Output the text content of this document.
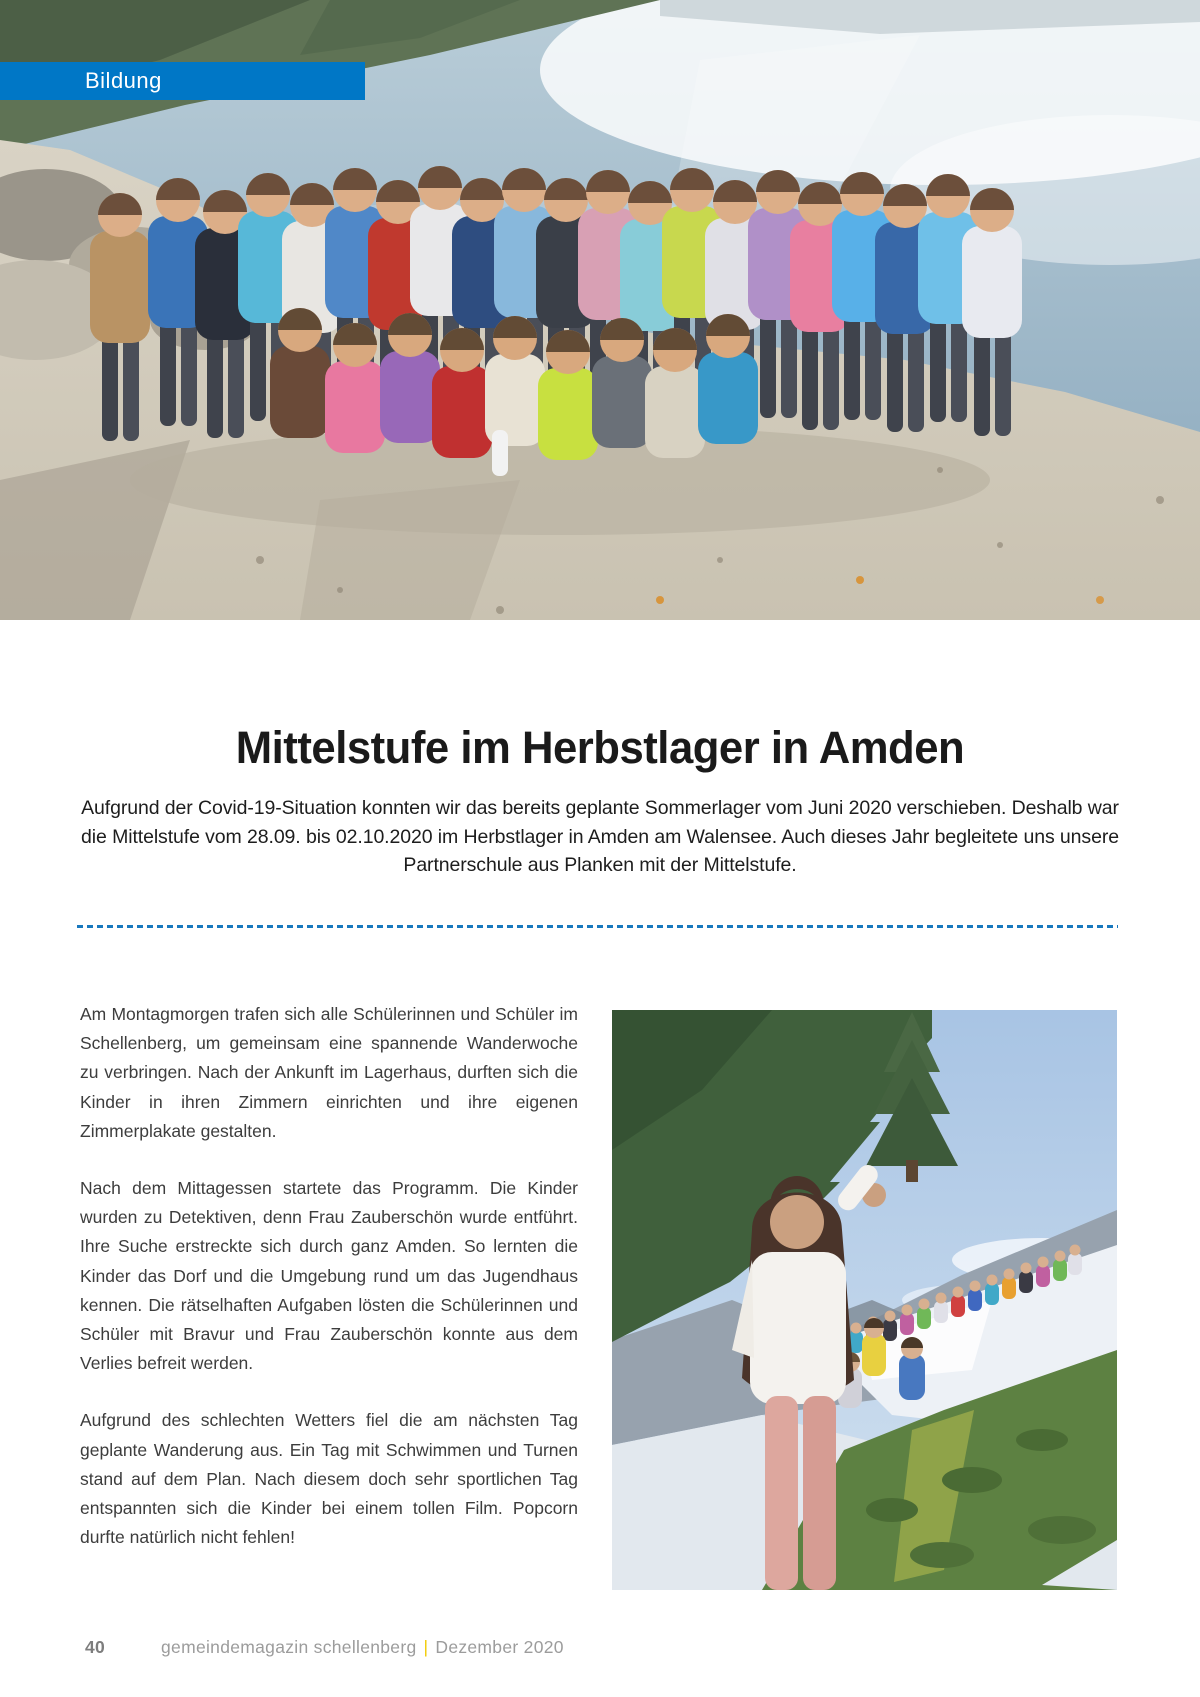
Bildung
Mittelstufe im Herbstlager in Amden

Aufgrund der Covid-19-Situation konnten wir das bereits geplante Sommerlager vom Juni 2020 verschieben. Deshalb war die Mittelstufe vom 28.09. bis 02.10.2020 im Herbstlager in Amden am Walensee. Auch dieses Jahr begleitete uns unsere Partnerschule aus Planken mit der Mittelstufe.

Am Montagmorgen trafen sich alle Schülerinnen und Schüler im Schellenberg, um gemeinsam eine spannende Wanderwoche zu verbringen. Nach der Ankunft im Lagerhaus, durften sich die Kinder in ihren Zimmern einrichten und ihre eigenen Zimmerplakate gestalten.

Nach dem Mittagessen startete das Programm. Die Kinder wurden zu Detektiven, denn Frau Zauberschön wurde entführt. Ihre Suche erstreckte sich durch ganz Amden. So lernten die Kinder das Dorf und die Umgebung rund um das Jugendhaus kennen. Die rätselhaften Aufgaben lösten die Schülerinnen und Schüler mit Bravur und Frau Zauberschön konnte aus dem Verlies befreit werden.

Aufgrund des schlechten Wetters fiel die am nächsten Tag geplante Wanderung aus. Ein Tag mit Schwimmen und Turnen stand auf dem Plan. Nach diesem doch sehr sportlichen Tag entspannten sich die Kinder bei einem tollen Film. Popcorn durfte natürlich nicht fehlen!

40	gemeindemagazin schellenberg | Dezember 2020
